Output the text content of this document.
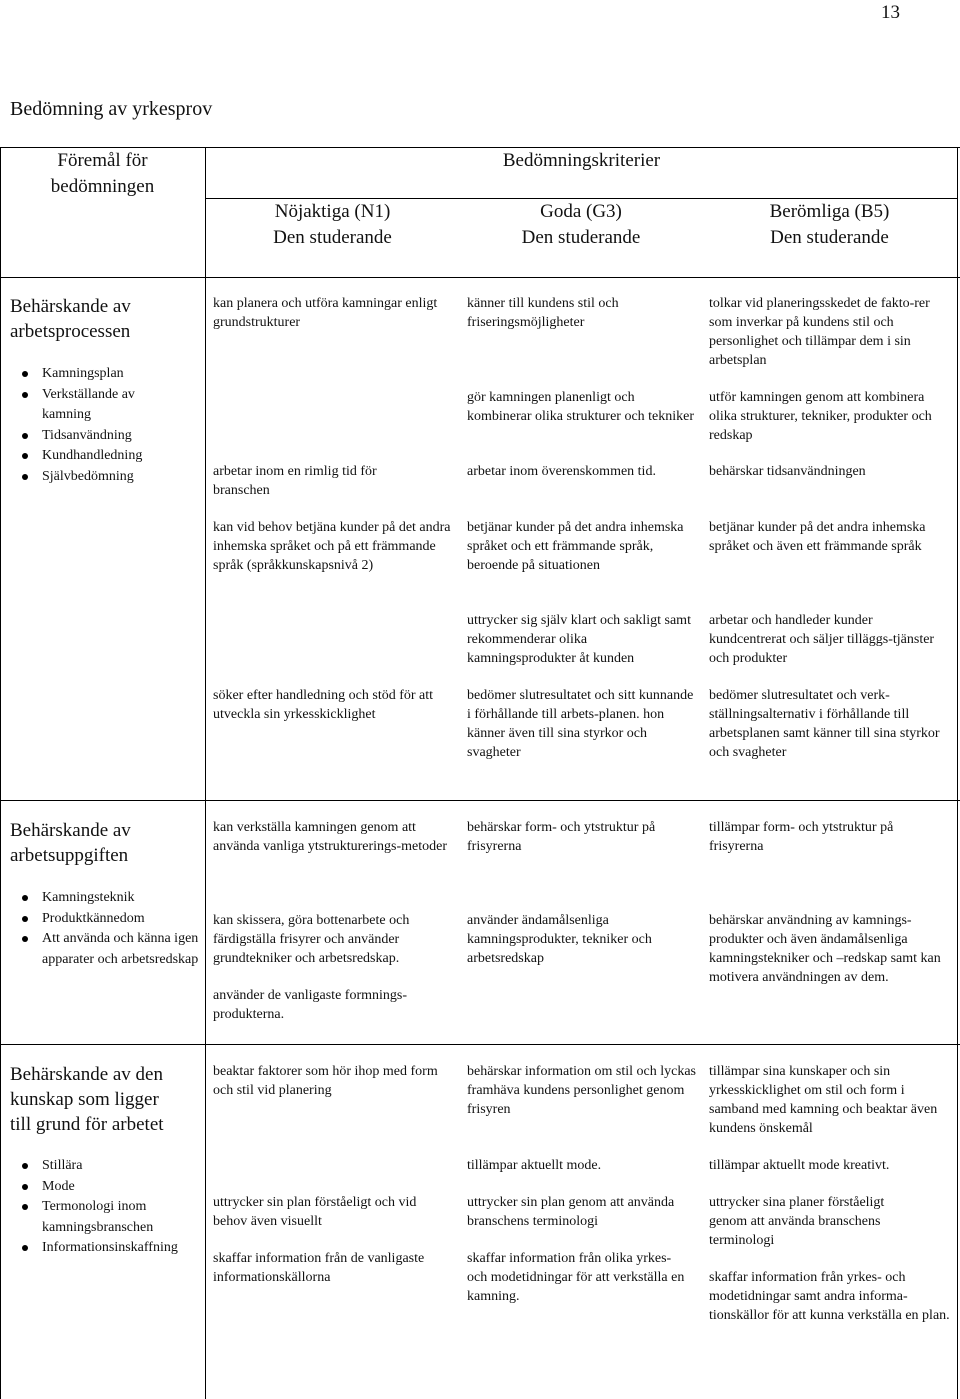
13
Bedömning av yrkesprov
Föremål för
bedömningen
Bedömningskriterier
Nöjaktiga (N1)
Den studerande
Goda (G3)
Den studerande
Berömliga (B5)
Den studerande
Behärskande av
arbetsprocessen
Kamningsplan
Verkställande av kamning
Tidsanvändning
Kundhandledning
Självbedömning
kan planera och utföra kamningar enligt grundstrukturer
arbetar inom en rimlig tid för branschen
kan vid behov betjäna kunder på det andra inhemska språket och på ett främmande språk (språkkunskapsnivå 2)
söker efter handledning och stöd för att utveckla sin yrkesskicklighet
känner till kundens stil och friseringsmöjligheter
gör kamningen planenligt och kombinerar olika strukturer och tekniker
arbetar inom överenskommen tid.
betjänar kunder på det andra inhemska språket och ett främmande språk, beroende på situationen
uttrycker sig själv klart och sakligt samt rekommenderar olika kamningsprodukter åt kunden
bedömer slutresultatet och sitt kunnande i förhållande till arbets-planen. hon känner även till sina styrkor och svagheter
tolkar vid planeringsskedet de fakto-rer som inverkar på kundens stil och personlighet och tillämpar dem i sin arbetsplan
utför kamningen genom att kombinera olika strukturer, tekniker, produkter och redskap
behärskar tidsanvändningen
betjänar kunder på det andra inhemska språket och även ett främmande språk
arbetar och handleder kunder kundcentrerat och säljer tilläggs-tjänster och produkter
bedömer slutresultatet och verk-ställningsalternativ i förhållande till arbetsplanen samt känner till sina styrkor och svagheter
Behärskande av
arbetsuppgiften
Kamningsteknik
Produktkännedom
Att använda och känna igen apparater och arbetsredskap
kan verkställa kamningen genom att använda vanliga ytstrukturerings-metoder
kan skissera, göra bottenarbete och färdigställa frisyrer och använder grundtekniker och arbetsredskap.
använder de vanligaste formnings-produkterna.
behärskar form- och ytstruktur på frisyrerna
använder ändamålsenliga kamningsprodukter, tekniker och arbetsredskap
tillämpar form- och ytstruktur på frisyrerna
behärskar användning av kamnings-produkter och även ändamålsenliga kamningstekniker och –redskap samt kan motivera användningen av dem.
Behärskande av den
kunskap som ligger
till grund för arbetet
Stillära
Mode
Termonologi inom kamningsbranschen
Informationsinskaffning
beaktar faktorer som hör ihop med form och stil vid planering
uttrycker sin plan förståeligt och vid behov även visuellt
skaffar information från de vanligaste informationskällorna
behärskar information om stil och lyckas framhäva kundens personlighet genom frisyren
tillämpar aktuellt mode.
uttrycker sin plan genom att använda branschens terminologi
skaffar information från olika yrkes- och modetidningar för att verkställa en kamning.
tillämpar sina kunskaper och sin yrkesskicklighet om stil och form i samband med kamning och beaktar även kundens önskemål
tillämpar aktuellt mode kreativt.
uttrycker sina planer förståeligt genom att använda branschens terminologi
skaffar information från yrkes- och modetidningar samt andra informa-tionskällor för att kunna verkställa en plan.
